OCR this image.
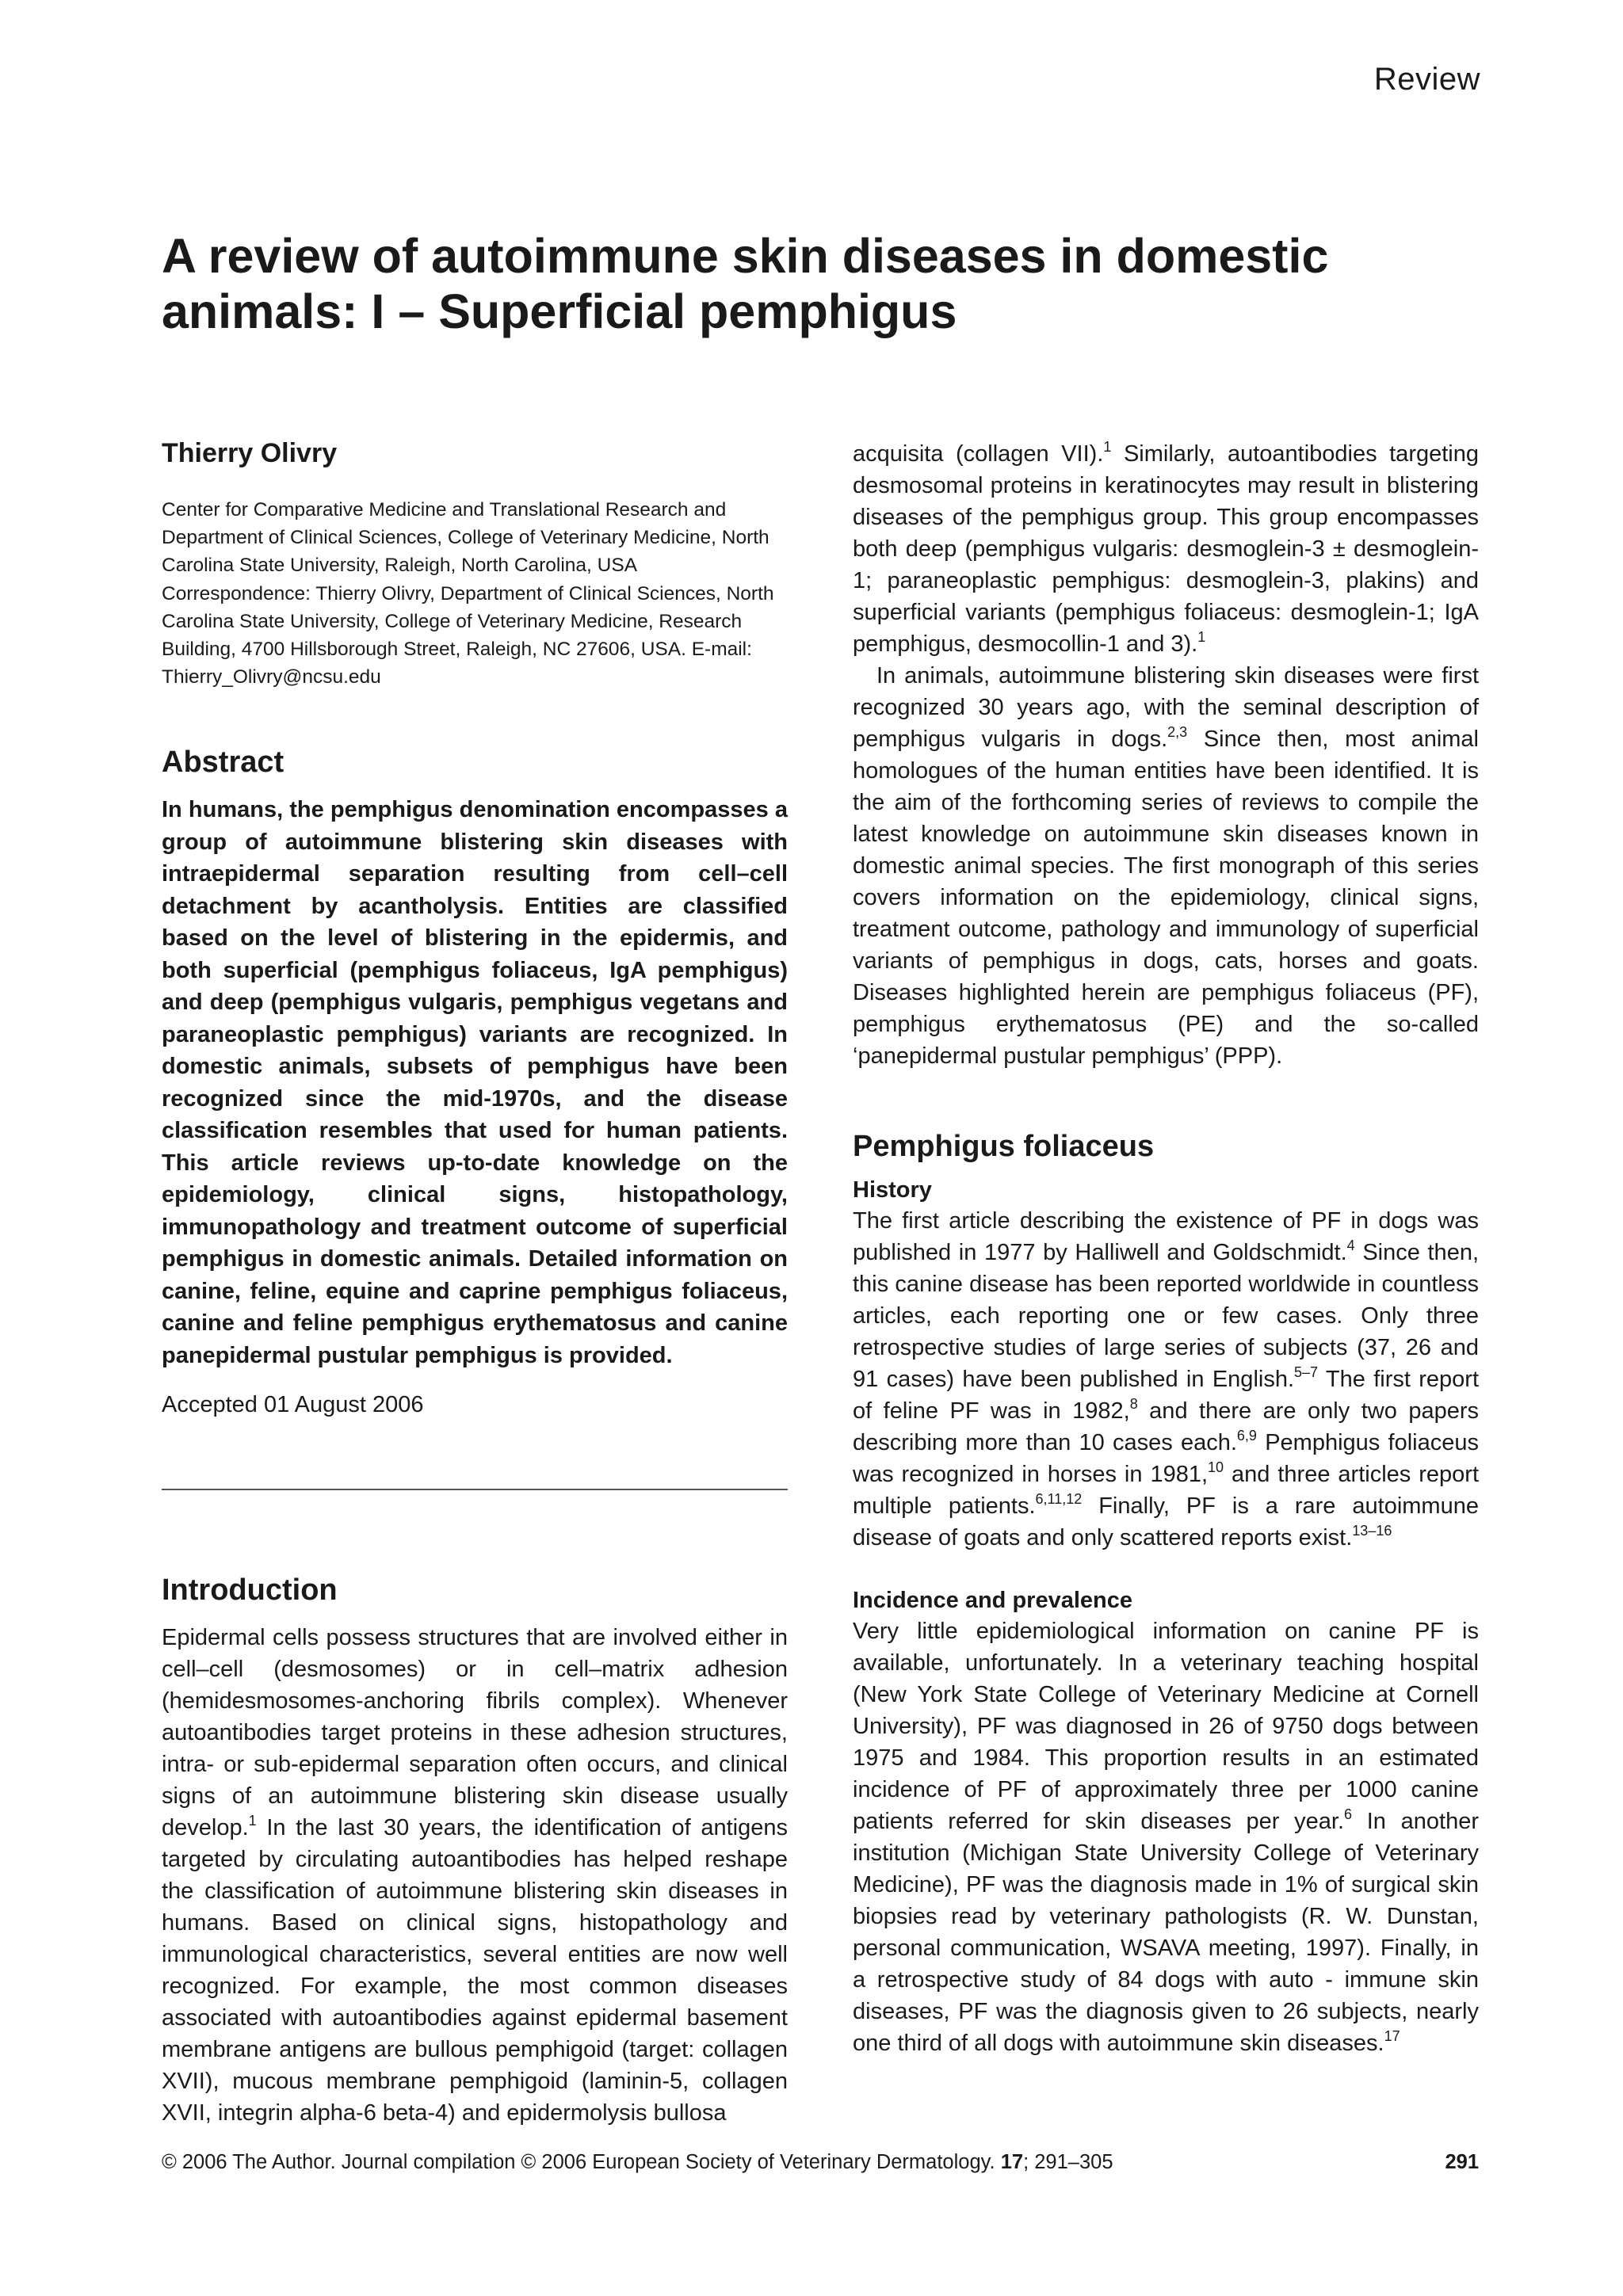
Review
A review of autoimmune skin diseases in domestic animals: I – Superficial pemphigus
Thierry Olivry

Center for Comparative Medicine and Translational Research and Department of Clinical Sciences, College of Veterinary Medicine, North Carolina State University, Raleigh, North Carolina, USA Correspondence: Thierry Olivry, Department of Clinical Sciences, North Carolina State University, College of Veterinary Medicine, Research Building, 4700 Hillsborough Street, Raleigh, NC 27606, USA. E-mail: Thierry_Olivry@ncsu.edu

Abstract

In humans, the pemphigus denomination encompasses a group of autoimmune blistering skin diseases with intraepidermal separation resulting from cell–cell detachment by acantholysis. Entities are classified based on the level of blistering in the epidermis, and both superficial (pemphigus foliaceus, IgA pemphigus) and deep (pemphigus vulgaris, pemphigus vegetans and paraneoplastic pemphigus) variants are recognized. In domestic animals, subsets of pemphigus have been recognized since the mid-1970s, and the disease classification resembles that used for human patients. This article reviews up-to-date knowledge on the epidemiology, clinical signs, histopathology, immunopathology and treatment outcome of superficial pemphigus in domestic animals. Detailed information on canine, feline, equine and caprine pemphigus foliaceus, canine and feline pemphigus erythematosus and canine panepidermal pustular pemphigus is provided.

Accepted 01 August 2006

Introduction

Epidermal cells possess structures that are involved either in cell–cell (desmosomes) or in cell–matrix adhesion (hemidesmosomes-anchoring fibrils complex). Whenever autoantibodies target proteins in these adhesion structures, intra- or sub-epidermal separation often occurs, and clinical signs of an autoimmune blistering skin disease usually develop.$^1$ In the last 30 years, the identification of antigens targeted by circulating autoantibodies has helped reshape the classification of autoimmune blistering skin diseases in humans. Based on clinical signs, histopathology and immunological characteristics, several entities are now well recognized. For example, the most common diseases associated with autoantibodies against epidermal basement membrane antigens are bullous pemphigoid (target: collagen XVII), mucous membrane pemphigoid (laminin-5, collagen XVII, integrin alpha-6 beta-4) and epidermolysis bullosa

acquisita (collagen VII).$^1$ Similarly, autoantibodies targeting desmosomal proteins in keratinocytes may result in blistering diseases of the pemphigus group. This group encompasses both deep (pemphigus vulgaris: desmoglein-3 ± desmoglein-1; paraneoplastic pemphigus: desmoglein-3, plakins) and superficial variants (pemphigus foliaceus: desmoglein-1; IgA pemphigus, desmocollin-1 and 3).$^1$

In animals, autoimmune blistering skin diseases were first recognized 30 years ago, with the seminal description of pemphigus vulgaris in dogs.$^{2,3}$ Since then, most animal homologues of the human entities have been identified. It is the aim of the forthcoming series of reviews to compile the latest knowledge on autoimmune skin diseases known in domestic animal species. The first monograph of this series covers information on the epidemiology, clinical signs, treatment outcome, pathology and immunology of superficial variants of pemphigus in dogs, cats, horses and goats. Diseases highlighted herein are pemphigus foliaceus (PF), pemphigus erythematosus (PE) and the so-called ‘panepidermal pustular pemphigus’ (PPP).

Pemphigus foliaceus
History

The first article describing the existence of PF in dogs was published in 1977 by Halliwell and Goldschmidt.$^4$ Since then, this canine disease has been reported worldwide in countless articles, each reporting one or few cases. Only three retrospective studies of large series of subjects (37, 26 and 91 cases) have been published in English.$^{5-7}$ The first report of feline PF was in 1982,$^8$ and there are only two papers describing more than 10 cases each.$^{6,9}$ Pemphigus foliaceus was recognized in horses in 1981,10 and three articles report multiple patients.$^{6,11,12}$ Finally, PF is a rare autoimmune disease of goats and only scattered reports exist.$^{13-16}$

Incidence and prevalence

Very little epidemiological information on canine PF is available, unfortunately. In a veterinary teaching hospital (New York State College of Veterinary Medicine at Cornell University), PF was diagnosed in 26 of 9750 dogs between 1975 and 1984. This proportion results in an estimated incidence of PF of approximately three per 1000 canine patients referred for skin diseases per year.$^6$ In another institution (Michigan State University College of Veterinary Medicine), PF was the diagnosis made in 1% of surgical skin biopsies read by veterinary pathologists (R. W. Dunstan, personal communication, WSAVA meeting, 1997). Finally, in a retrospective study of 84 dogs with auto - immune skin diseases, PF was the diagnosis given to 26 subjects, nearly one third of all dogs with autoimmune skin diseases.$^{17}$

© 2006 The Author. Journal compilation © 2006 European Society of Veterinary Dermatology. 17; 291–305	291
